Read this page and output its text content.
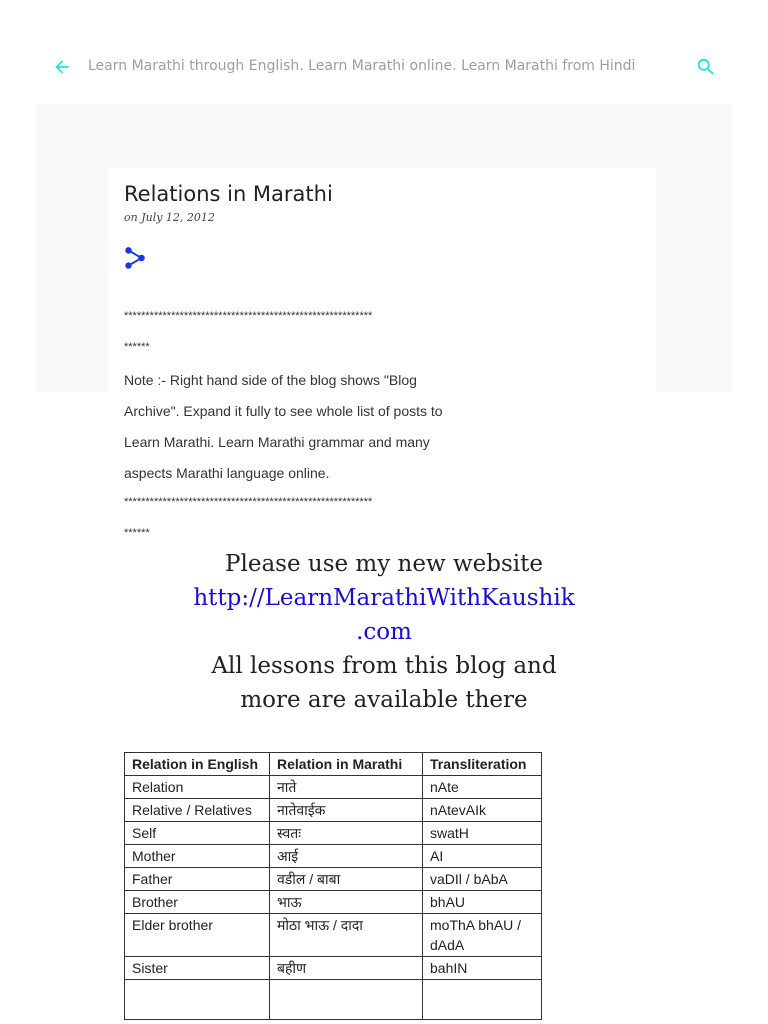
Learn Marathi through English. Learn Marathi online. Learn Marathi from Hindi
Relations in Marathi
on July 12, 2012
**********************************************************
******
Note :- Right hand side of the blog shows "Blog
Archive". Expand it fully to see whole list of posts to
Learn Marathi. Learn Marathi grammar and many
aspects Marathi language online.
**********************************************************
******
Please use my new website
http://LearnMarathiWithKaushik
.com
All lessons from this blog and
more are available there
Relation in English	Relation in Marathi	Transliteration
Relation	नाते	nAte
Relative / Relatives	नातेवाईक	nAtevAIk
Self	स्वतः	swatH
Mother	आई	AI
Father	वडील / बाबा	vaDIl / bAbA
Brother	भाऊ	bhAU
Elder brother	मोठा भाऊ / दादा	moThA bhAU / dAdA
Sister	बहीण	bahIN
